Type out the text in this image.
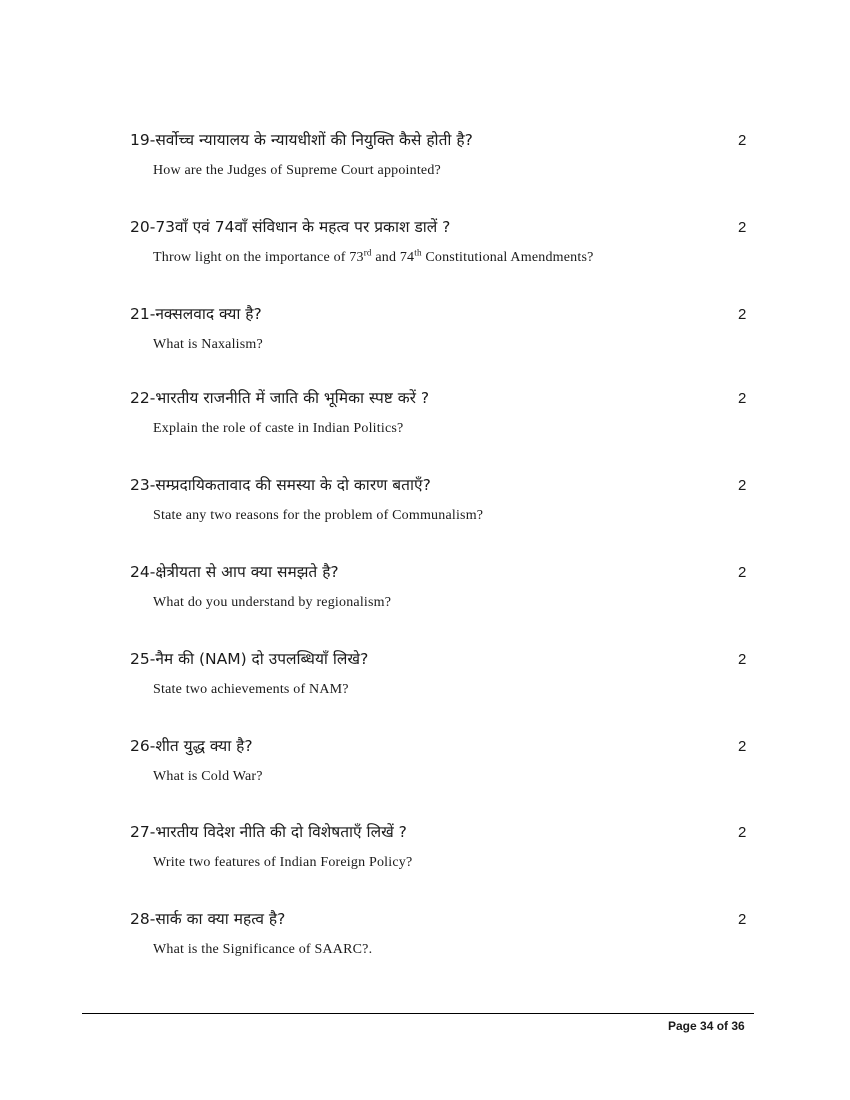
19-सर्वोच्च न्यायालय के न्यायधीशों की नियुक्ति कैसे होती है?	2
How are the Judges of Supreme Court appointed?
20-73वाँ एवं 74वाँ संविधान के महत्व पर प्रकाश डालें ?	2
Throw light on the importance of 73rd and 74th Constitutional Amendments?
21-नक्सलवाद क्या है?	2
What is Naxalism?
22-भारतीय राजनीति में जाति की भूमिका स्पष्ट करें ?	2
Explain the role of caste in Indian Politics?
23-सम्प्रदायिकतावाद की समस्या के दो कारण बताएँ?	2
State any two reasons for the problem of Communalism?
24-क्षेत्रीयता से आप क्या समझते है?	2
What do you understand by regionalism?
25-नैम की (NAM) दो उपलब्धियाँ लिखे?	2
State two achievements of NAM?
26-शीत युद्ध क्या है?	2
What is Cold War?
27-भारतीय विदेश नीति की दो विशेषताएँ लिखें ?	2
Write two features of Indian Foreign Policy?
28-सार्क का क्या महत्व है?	2
What is the Significance of SAARC?.
Page 34 of 36
